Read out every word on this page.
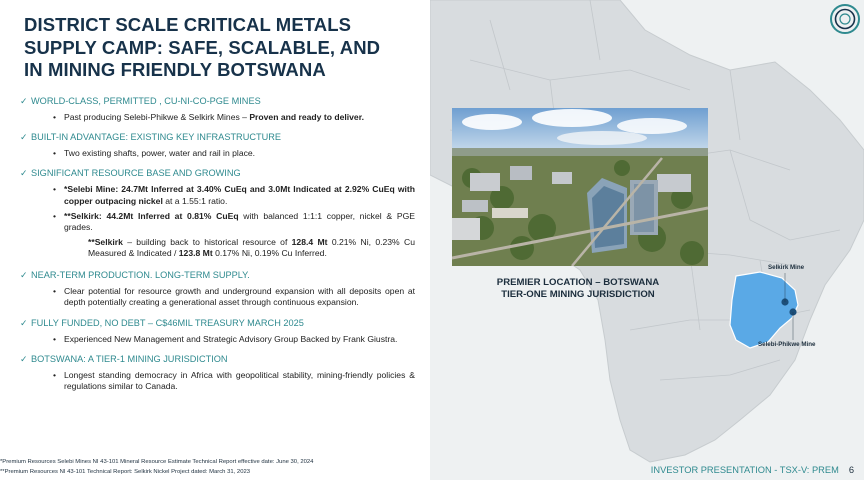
DISTRICT SCALE CRITICAL METALS
SUPPLY CAMP: SAFE, SCALABLE, AND
IN MINING FRIENDLY BOTSWANA
✓ WORLD-CLASS, PERMITTED , CU-NI-CO-PGE MINES
• Past producing Selebi-Phikwe & Selkirk Mines – Proven and ready to deliver.
✓ BUILT-IN ADVANTAGE: EXISTING KEY INFRASTRUCTURE
• Two existing shafts, power, water and rail in place.
✓ SIGNIFICANT RESOURCE BASE AND GROWING
• *Selebi Mine: 24.7Mt Inferred at 3.40% CuEq and 3.0Mt Indicated at 2.92% CuEq with copper outpacing nickel at a 1.55:1 ratio.
• **Selkirk: 44.2Mt Inferred at 0.81% CuEq with balanced 1:1:1 copper, nickel & PGE grades.
**Selkirk – building back to historical resource of 128.4 Mt 0.21% Ni, 0.23% Cu Measured & Indicated / 123.8 Mt 0.17% Ni, 0.19% Cu Inferred.
✓ NEAR-TERM PRODUCTION. LONG-TERM SUPPLY.
• Clear potential for resource growth and underground expansion with all deposits open at depth potentially creating a generational asset through continuous expansion.
✓ FULLY FUNDED, NO DEBT – C$46MIL TREASURY MARCH 2025
• Experienced New Management and Strategic Advisory Group Backed by Frank Giustra.
✓ BOTSWANA: A TIER-1 MINING JURISDICTION
• Longest standing democracy in Africa with geopolitical stability, mining-friendly policies & regulations similar to Canada.
PREMIER LOCATION – BOTSWANA
TIER-ONE MINING JURISDICTION
Selkirk Mine
Selebi-Phikwe Mine
*Premium Resources Selebi Mines NI 43-101 Mineral Resource Estimate Technical Report effective date: June 30, 2024
**Premium Resources NI 43-101 Technical Report: Selkirk Nickel Project dated: March 31, 2023	INVESTOR PRESENTATION - TSX-V: PREM 6
